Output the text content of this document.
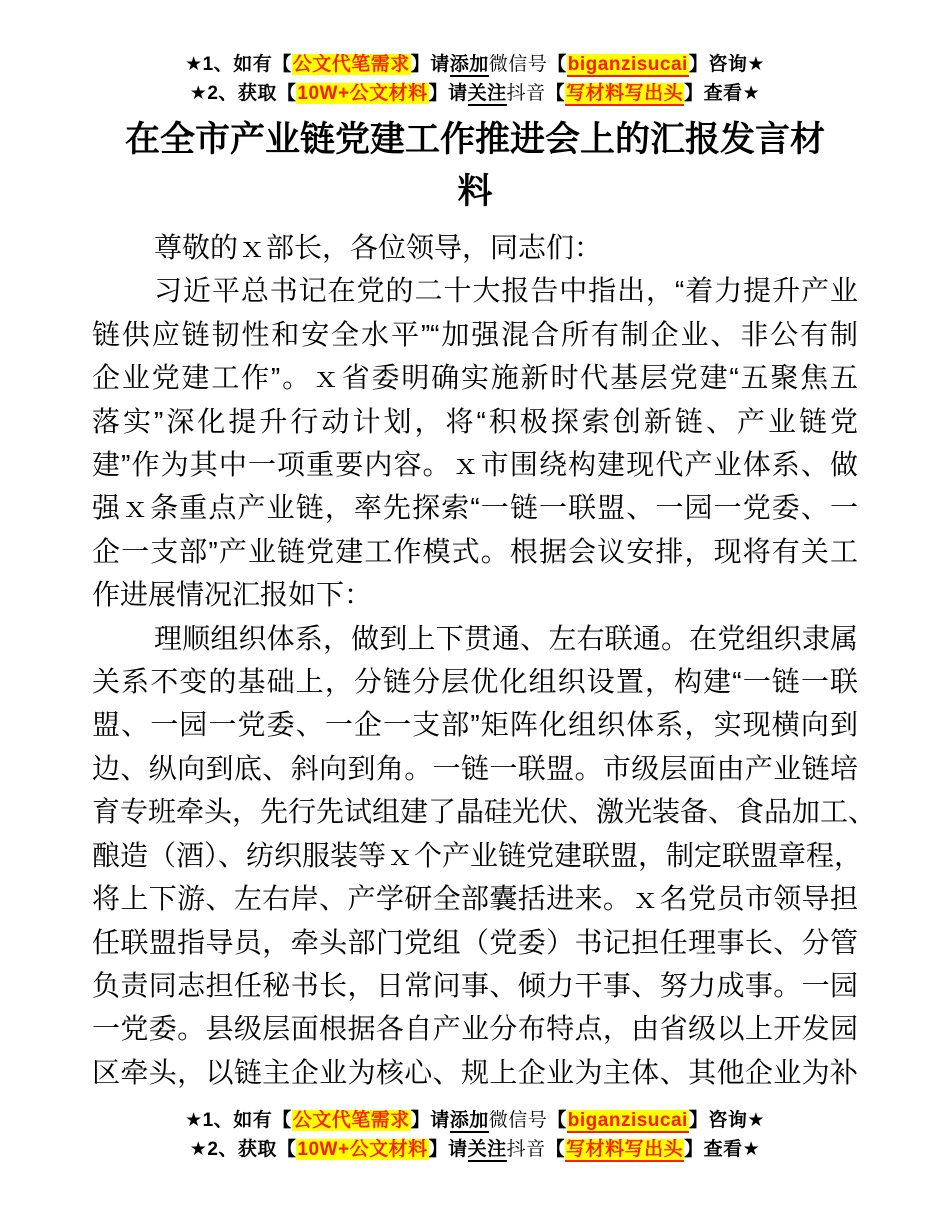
★1、如有【公文代笔需求】请添加微信号【biganzisucai】咨询★
★2、获取【10W+公文材料】请关注抖音【写材料写出头】查看★
在全市产业链党建工作推进会上的汇报发言材
料
尊敬的ｘ部长，各位领导，同志们：
习近平总书记在党的二十大报告中指出，“着力提升产业
链供应链韧性和安全水平”“加强混合所有制企业、非公有制
企业党建工作”。ｘ省委明确实施新时代基层党建“五聚焦五
落实”深化提升行动计划，将“积极探索创新链、产业链党
建”作为其中一项重要内容。ｘ市围绕构建现代产业体系、做
强ｘ条重点产业链，率先探索“一链一联盟、一园一党委、一
企一支部”产业链党建工作模式。根据会议安排，现将有关工
作进展情况汇报如下：
理顺组织体系，做到上下贯通、左右联通。在党组织隶属
关系不变的基础上，分链分层优化组织设置，构建“一链一联
盟、一园一党委、一企一支部”矩阵化组织体系，实现横向到
边、纵向到底、斜向到角。一链一联盟。市级层面由产业链培
育专班牵头，先行先试组建了晶硅光伏、激光装备、食品加工、
酿造（酒）、纺织服装等ｘ个产业链党建联盟，制定联盟章程，
将上下游、左右岸、产学研全部囊括进来。ｘ名党员市领导担
任联盟指导员，牵头部门党组（党委）书记担任理事长、分管
负责同志担任秘书长，日常问事、倾力干事、努力成事。一园
一党委。县级层面根据各自产业分布特点，由省级以上开发园
区牵头，以链主企业为核心、规上企业为主体、其他企业为补
★1、如有【公文代笔需求】请添加微信号【biganzisucai】咨询★
★2、获取【10W+公文材料】请关注抖音【写材料写出头】查看★
